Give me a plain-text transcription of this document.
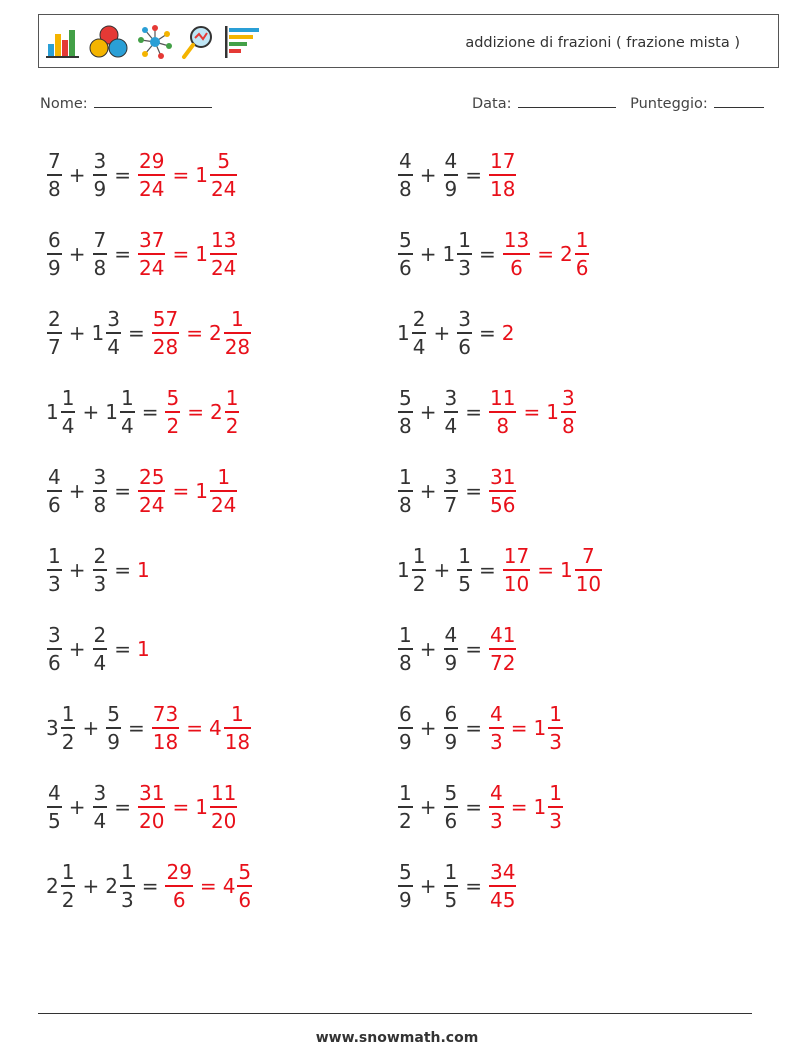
addizione di frazioni ( frazione mista )
Nome:	Data:	Punteggio:
$\frac{7}{8} + \frac{3}{9} = \frac{29}{24} = 1 \frac{5}{24}$	$\frac{4}{8} + \frac{4}{9} = \frac{17}{18}$
$\frac{6}{9} + \frac{7}{8} = \frac{37}{24} = 1 \frac{13}{24}$	$\frac{5}{6} + 1 \frac{1}{3} = \frac{13}{6} = 2 \frac{1}{6}$
$\frac{2}{7} + 1 \frac{3}{4} = \frac{57}{28} = 2 \frac{1}{28}$	$1 \frac{2}{4} + \frac{3}{6} = 2$
$1 \frac{1}{4} + 1 \frac{1}{4} = \frac{5}{2} = 2 \frac{1}{2}$	$\frac{5}{8} + \frac{3}{4} = \frac{11}{8} = 1 \frac{3}{8}$
$\frac{4}{6} + \frac{3}{8} = \frac{25}{24} = 1 \frac{1}{24}$	$\frac{1}{8} + \frac{3}{7} = \frac{31}{56}$
$\frac{1}{3} + \frac{2}{3} = 1$	$1 \frac{1}{2} + \frac{1}{5} = \frac{17}{10} = 1 \frac{7}{10}$
$\frac{3}{6} + \frac{2}{4} = 1$	$\frac{1}{8} + \frac{4}{9} = \frac{41}{72}$
$3 \frac{1}{2} + \frac{5}{9} = \frac{73}{18} = 4 \frac{1}{18}$	$\frac{6}{9} + \frac{6}{9} = \frac{4}{3} = 1 \frac{1}{3}$
$\frac{4}{5} + \frac{3}{4} = \frac{31}{20} = 1 \frac{11}{20}$	$\frac{1}{2} + \frac{5}{6} = \frac{4}{3} = 1 \frac{1}{3}$
$2 \frac{1}{2} + 2 \frac{1}{3} = \frac{29}{6} = 4 \frac{5}{6}$	$\frac{5}{9} + \frac{1}{5} = \frac{34}{45}$
www.snowmath.com
